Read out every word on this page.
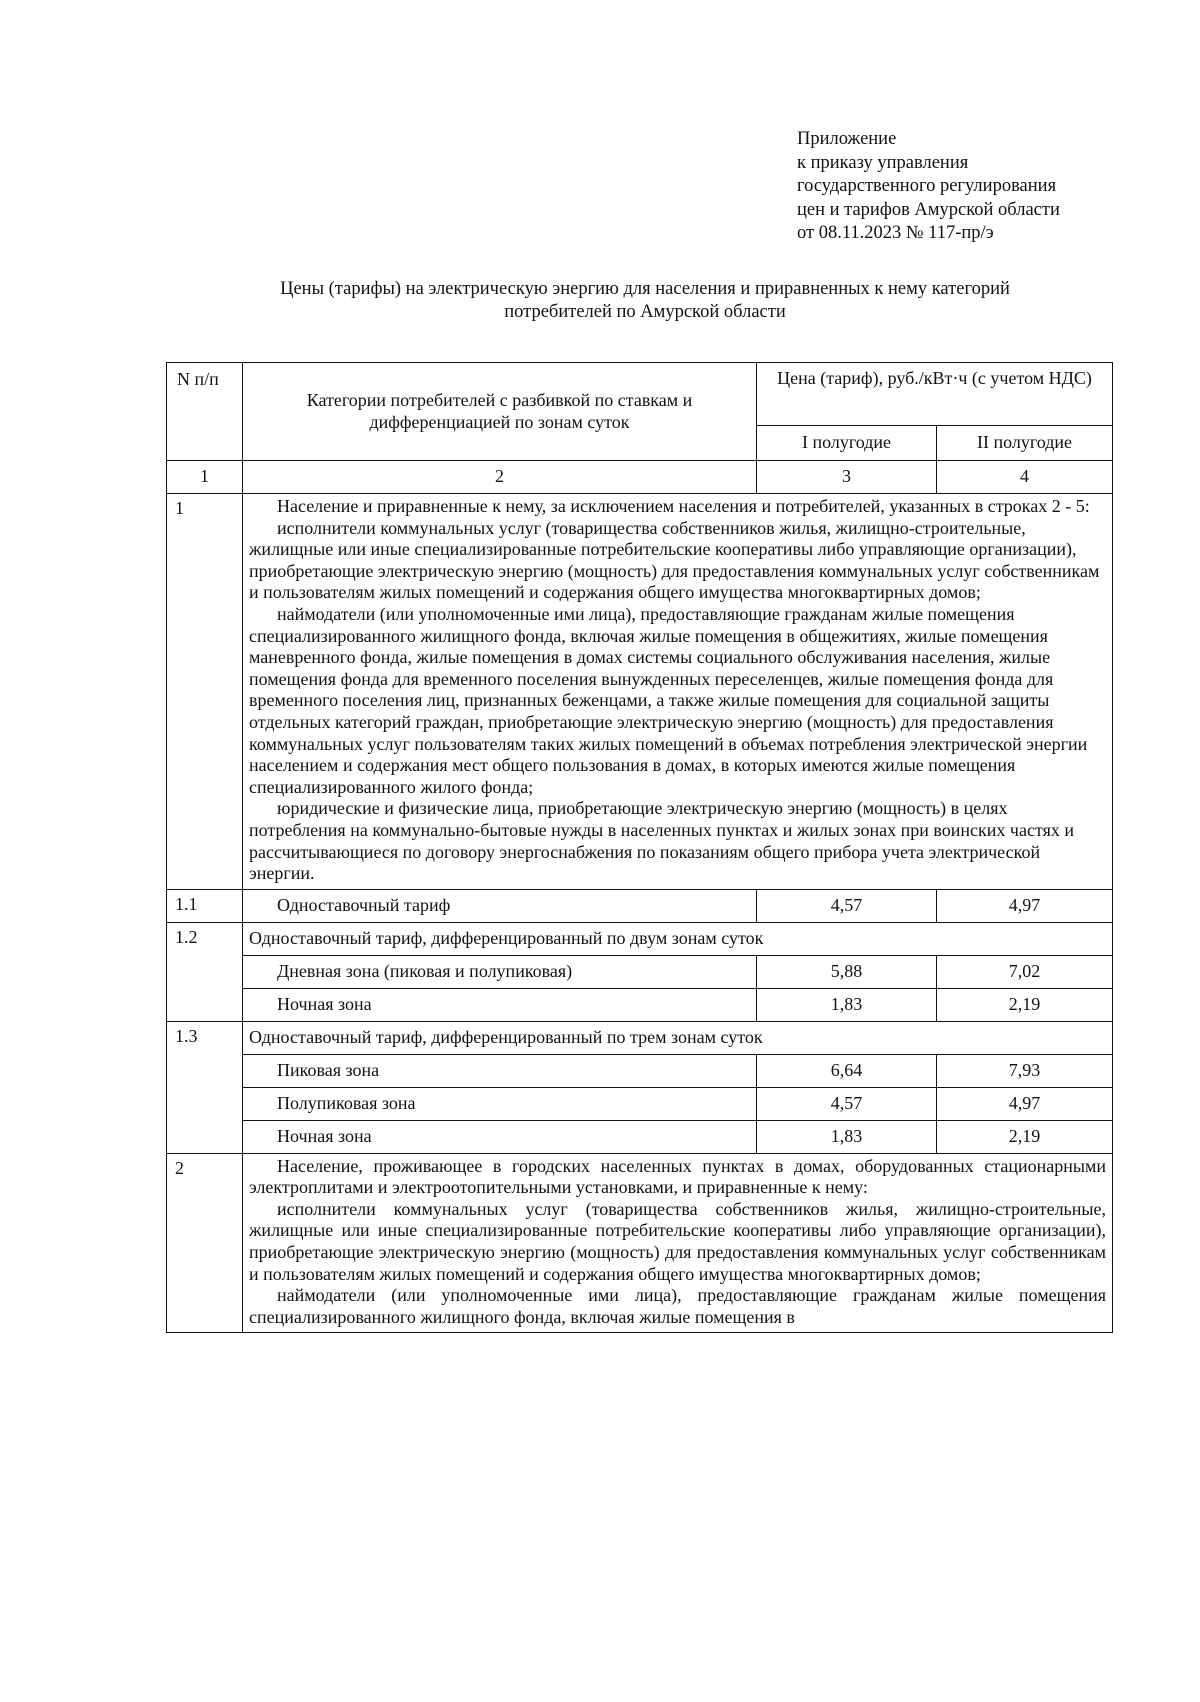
Приложение
к приказу управления
государственного регулирования
цен и тарифов Амурской области
от 08.11.2023 № 117-пр/э
Цены (тарифы) на электрическую энергию для населения и приравненных к нему категорий
потребителей по Амурской области
N п/п	Категории потребителей с разбивкой по ставкам и дифференциацией по зонам суток	Цена (тариф), руб./кВт·ч (с учетом НДС)	
		I полугодие	II полугодие
1	2	3	4
1	Население и приравненные к нему, за исключением населения и потребителей, указанных в строках 2 - 5:

исполнители коммунальных услуг (товарищества собственников жилья, жилищно-строительные, жилищные или иные специализированные потребительские кооперативы либо управляющие организации), приобретающие электрическую энергию (мощность) для предоставления коммунальных услуг собственникам и пользователям жилых помещений и содержания общего имущества многоквартирных домов;

наймодатели (или уполномоченные ими лица), предоставляющие гражданам жилые помещения специализированного жилищного фонда, включая жилые помещения в общежитиях, жилые помещения маневренного фонда, жилые помещения в домах системы социального обслуживания населения, жилые помещения фонда для временного поселения вынужденных переселенцев, жилые помещения фонда для временного поселения лиц, признанных беженцами, а также жилые помещения для социальной защиты отдельных категорий граждан, приобретающие электрическую энергию (мощность) для предоставления коммунальных услуг пользователям таких жилых помещений в объемах потребления электрической энергии населением и содержания мест общего пользования в домах, в которых имеются жилые помещения специализированного жилого фонда;

юридические и физические лица, приобретающие электрическую энергию (мощность) в целях потребления на коммунально-бытовые нужды в населенных пунктах и жилых зонах при воинских частях и рассчитывающиеся по договору энергоснабжения по показаниям общего прибора учета электрической энергии.		

1.1	Одноставочный тариф	4,57	4,97
1.2	Одноставочный тариф, дифференцированный по двум зонам суток		
	Дневная зона (пиковая и полупиковая)	5,88	7,02
	Ночная зона	1,83	2,19
1.3	Одноставочный тариф, дифференцированный по трем зонам суток		
	Пиковая зона	6,64	7,93
	Полупиковая зона	4,57	4,97
	Ночная зона	1,83	2,19
2	Население, проживающее в городских населенных пунктах в домах, оборудованных стационарными электроплитами и электроотопительными установками, и приравненные к нему:

исполнители коммунальных услуг (товарищества собственников жилья, жилищно-строительные, жилищные или иные специализированные потребительские кооперативы либо управляющие организации), приобретающие электрическую энергию (мощность) для предоставления коммунальных услуг собственникам и пользователям жилых помещений и содержания общего имущества многоквартирных домов;

наймодатели (или уполномоченные ими лица), предоставляющие гражданам жилые помещения специализированного жилищного фонда, включая жилые помещения в		
